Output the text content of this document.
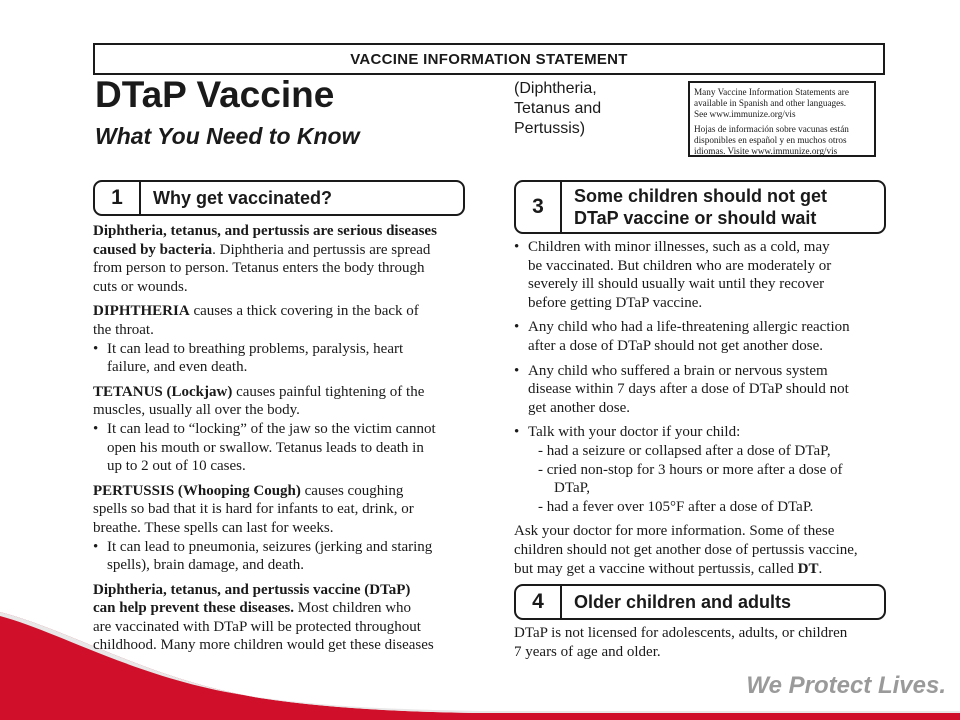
VACCINE INFORMATION STATEMENT
DTaP Vaccine
What You Need to Know
(Diphtheria,
Tetanus and
Pertussis)
Many Vaccine Information Statements are
available in Spanish and other languages.
See www.immunize.org/vis
Hojas de información sobre vacunas están
disponibles en español y en muchos otros
idiomas. Visite www.immunize.org/vis
1	Why get vaccinated?
Diphtheria, tetanus, and pertussis are serious diseases
caused by bacteria. Diphtheria and pertussis are spread
from person to person. Tetanus enters the body through
cuts or wounds.
DIPHTHERIA causes a thick covering in the back of
the throat.
• It can lead to breathing problems, paralysis, heart
failure, and even death.
TETANUS (Lockjaw) causes painful tightening of the
muscles, usually all over the body.
• It can lead to “locking” of the jaw so the victim cannot
open his mouth or swallow. Tetanus leads to death in
up to 2 out of 10 cases.
PERTUSSIS (Whooping Cough) causes coughing
spells so bad that it is hard for infants to eat, drink, or
breathe. These spells can last for weeks.
• It can lead to pneumonia, seizures (jerking and staring
spells), brain damage, and death.
Diphtheria, tetanus, and pertussis vaccine (DTaP)
can help prevent these diseases. Most children who
are vaccinated with DTaP will be protected throughout
childhood. Many more children would get these diseases
3	Some children should not get
DTaP vaccine or should wait
• Children with minor illnesses, such as a cold, may
be vaccinated. But children who are moderately or
severely ill should usually wait until they recover
before getting DTaP vaccine.
• Any child who had a life-threatening allergic reaction
after a dose of DTaP should not get another dose.
• Any child who suffered a brain or nervous system
disease within 7 days after a dose of DTaP should not
get another dose.
• Talk with your doctor if your child:
- had a seizure or collapsed after a dose of DTaP,
- cried non-stop for 3 hours or more after a dose of
DTaP,
- had a fever over 105°F after a dose of DTaP.
Ask your doctor for more information. Some of these
children should not get another dose of pertussis vaccine,
but may get a vaccine without pertussis, called DT.
4	Older children and adults
DTaP is not licensed for adolescents, adults, or children
7 years of age and older.
We Protect Lives.
